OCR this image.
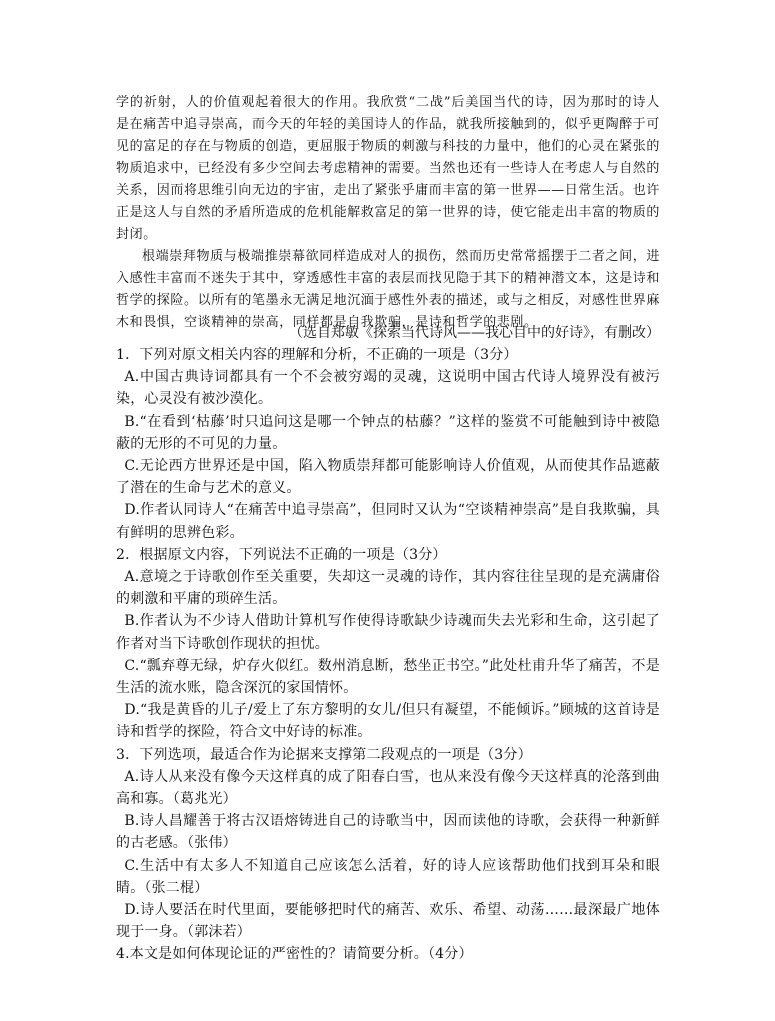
学的祈射，人的价值观起着很大的作用。我欣赏“二战”后美国当代的诗，因为那时的诗人是在痛苦中追寻崇高，而今天的年轻的美国诗人的作品，就我所接触到的，似乎更陶醉于可见的富足的存在与物质的创造，更屈服于物质的刺激与科技的力量中，他们的心灵在紧张的物质追求中，已经没有多少空间去考虑精神的需要。当然也还有一些诗人在考虑人与自然的关系，因而将思维引向无边的宇宙，走出了紧张乎庸而丰富的第一世界——日常生活。也许正是这人与自然的矛盾所造成的危机能解救富足的第一世界的诗，使它能走出丰富的物质的封闭。

根端崇拜物质与极端推崇幕欲同样造成对人的损伤，然而历史常常摇摆于二者之间，进入感性丰富而不迷失于其中，穿透感性丰富的表层而找见隐于其下的精神潜文本，这是诗和哲学的探险。以所有的笔墨永无满足地沉湎于感性外表的描述，或与之相反，对感性世界麻木和畏惧，空谈精神的崇高，同样都是自我欺骗，是诗和哲学的悲剧。

（选自郑敏《探索当代诗风——我心目中的好诗》，有删改）

1．下列对原文相关内容的理解和分析，不正确的一项是（3分）

A.中国古典诗词都具有一个不会被穷竭的灵魂，这说明中国古代诗人境界没有被污染，心灵没有被沙漠化。

B.“在看到‘枯藤’时只追问这是哪一个钟点的枯藤？”这样的鉴赏不可能触到诗中被隐蔽的无形的不可见的力量。

C.无论西方世界还是中国，陷入物质崇拜都可能影响诗人价值观，从而使其作品遮蔽了潜在的生命与艺术的意义。

D.作者认同诗人“在痛苦中追寻崇高”，但同时又认为“空谈精神崇高”是自我欺骗，具有鲜明的思辨色彩。

2．根据原文内容，下列说法不正确的一项是（3分）

A.意境之于诗歌创作至关重要，失却这一灵魂的诗作，其内容往往呈现的是充满庸俗的刺激和平庸的琐碎生活。

B.作者认为不少诗人借助计算机写作使得诗歌缺少诗魂而失去光彩和生命，这引起了作者对当下诗歌创作现状的担忧。

C.“瓢弃尊无绿，炉存火似红。数州消息断，愁坐正书空。”此处杜甫升华了痛苦，不是生活的流水账，隐含深沉的家国情怀。

D.“我是黄昏的儿子/爱上了东方黎明的女儿/但只有凝望，不能倾诉。”顾城的这首诗是诗和哲学的探险，符合文中好诗的标准。

3．下列选项，最适合作为论据来支撑第二段观点的一项是（3分）

A.诗人从来没有像今天这样真的成了阳春白雪，也从来没有像今天这样真的沦落到曲高和寡。（葛兆光）

B.诗人昌耀善于将古汉语熔铸进自己的诗歌当中，因而读他的诗歌，会获得一种新鲜的古老感。（张伟）

C.生活中有太多人不知道自己应该怎么活着，好的诗人应该帮助他们找到耳朵和眼睛。（张二棍）

D.诗人要活在时代里面，要能够把时代的痛苦、欢乐、希望、动荡……最深最广地体现于一身。（郭沫若）

4.本文是如何体现论证的严密性的？请简要分析。（4分）
